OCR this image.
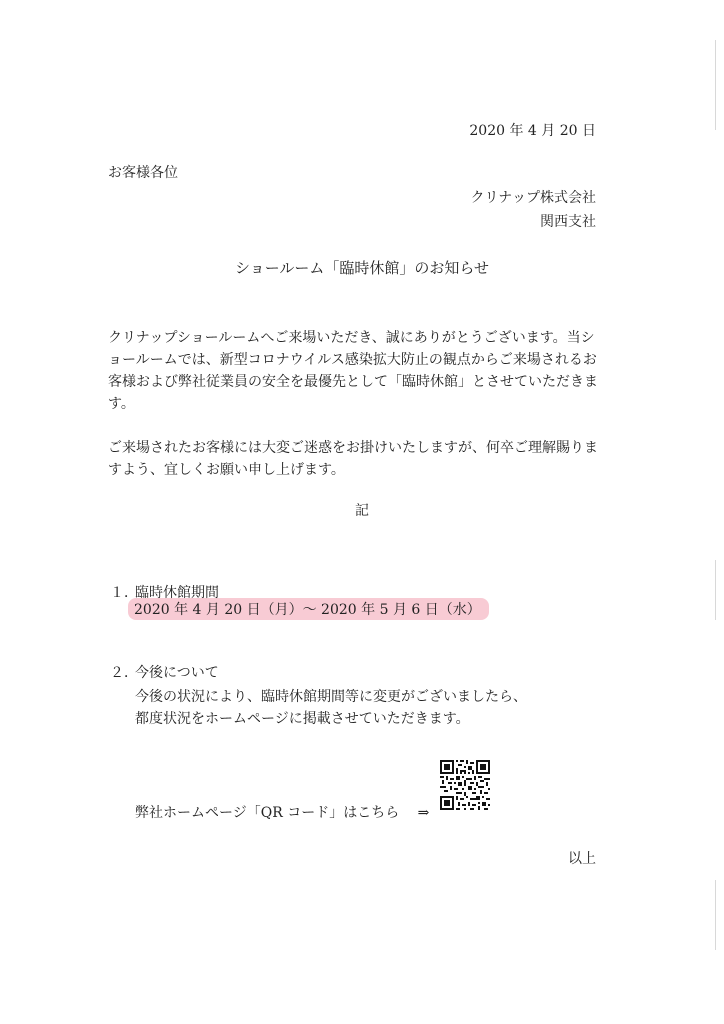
2020 年 4 月 20 日
お客様各位
クリナップ株式会社
関西支社
ショールーム「臨時休館」のお知らせ

クリナップショールームへご来場いただき、誠にありがとうございます。当ショールームでは、新型コロナウイルス感染拡大防止の観点からご来場されるお客様および弊社従業員の安全を最優先として「臨時休館」とさせていただきます。

ご来場されたお客様には大変ご迷惑をお掛けいたしますが、何卒ご理解賜りますよう、宜しくお願い申し上げます。

記
１．
臨時休館期間
2020 年 4 月 20 日（月）〜 2020 年 5 月 6 日（水）
２．
今後について
今後の状況により、臨時休館期間等に変更がございましたら、
都度状況をホームページに掲載させていただきます。
弊社ホームページ「QR コード」はこちら ⇒
以上
